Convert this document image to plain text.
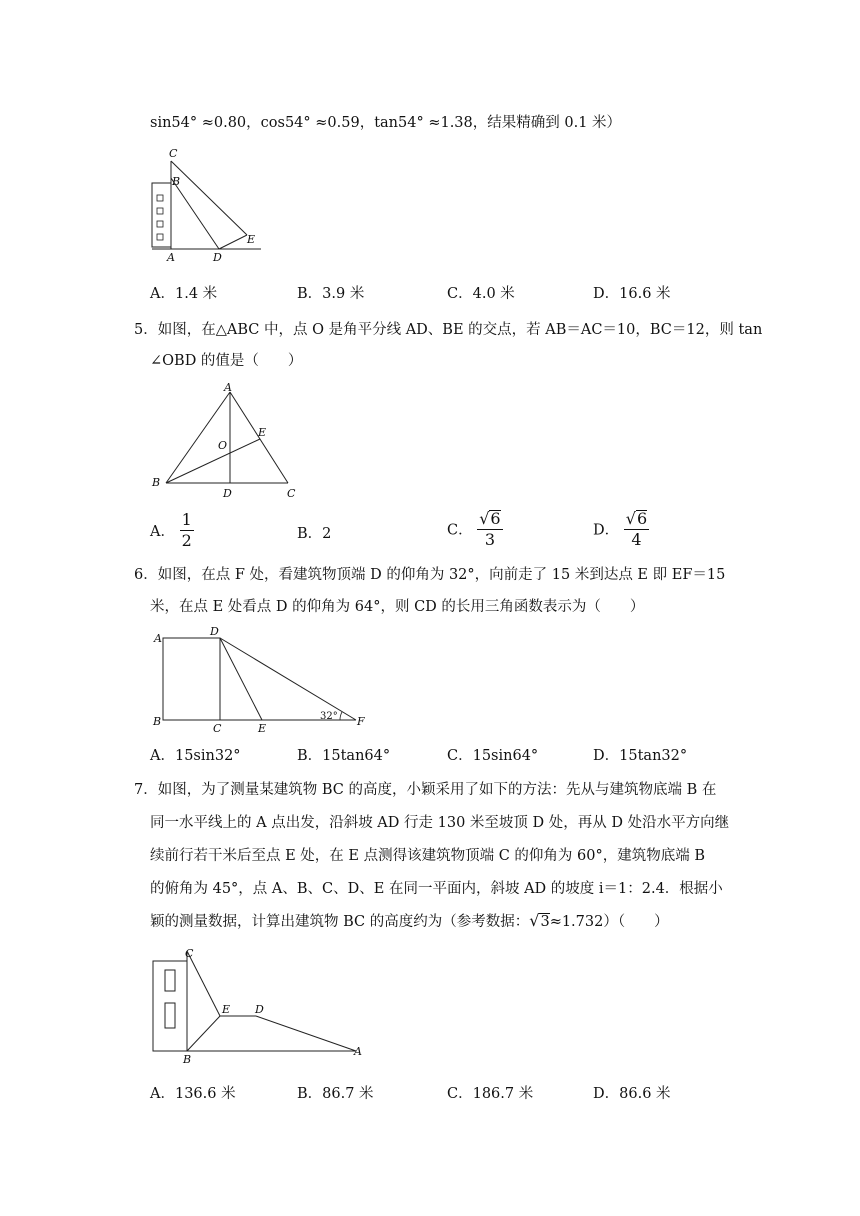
sin54° ≈0.80，cos54° ≈0.59，tan54° ≈1.38，结果精确到 0.1 米）
C
B
A	D
E
A．1.4 米	B．3.9 米	C．4.0 米	D．16.6 米
5．如图，在△ABC 中，点 O 是角平分线 AD、BE 的交点，若 AB＝AC＝10，BC＝12，则 tan
∠OBD 的值是（　　）
A
B
C
D
E
O
A． $\frac{1}{2}$	B．2	C． $\frac{√6}{3}$	D． $\frac{√6}{4}$
6．如图，在点 F 处，看建筑物顶端 D 的仰角为 32°，向前走了 15 米到达点 E 即 EF＝15
米，在点 E 处看点 D 的仰角为 64°，则 CD 的长用三角函数表示为（　　）
A
D
B
C	E
F
32°
A．15sin32°	B．15tan64°	C．15sin64°	D．15tan32°
7．如图，为了测量某建筑物 BC 的高度，小颖采用了如下的方法：先从与建筑物底端 B 在
同一水平线上的 A 点出发，沿斜坡 AD 行走 130 米至坡顶 D 处，再从 D 处沿水平方向继
续前行若干米后至点 E 处，在 E 点测得该建筑物顶端 C 的仰角为 60°，建筑物底端 B
的俯角为 45°，点 A、B、C、D、E 在同一平面内，斜坡 AD 的坡度 i＝1：2.4．根据小
颖的测量数据，计算出建筑物 BC 的高度约为（参考数据：√3≈1.732）（　　）
C
E D
B
A
A．136.6 米	B．86.7 米	C．186.7 米	D．86.6 米
